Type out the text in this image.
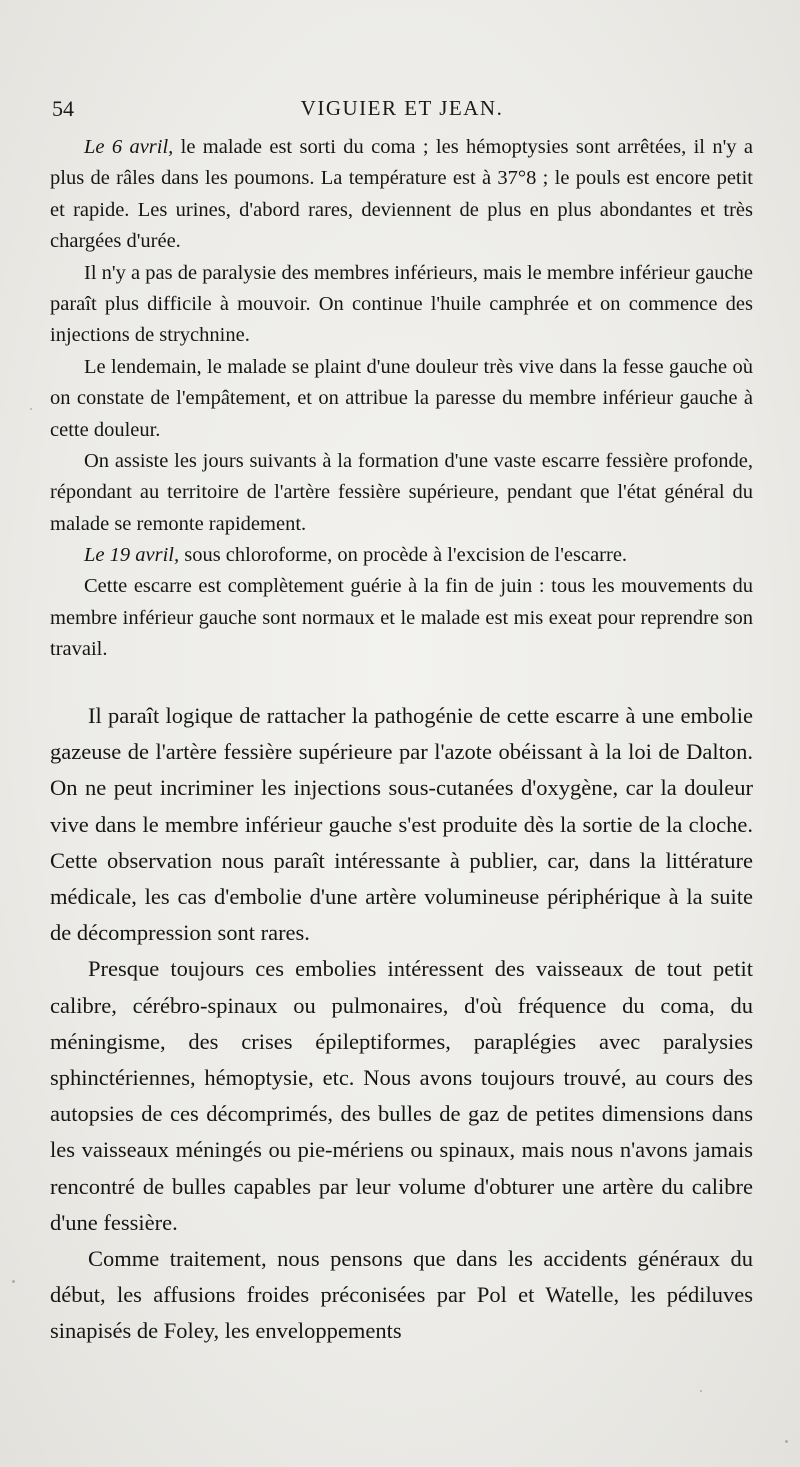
54	VIGUIER ET JEAN.

Le 6 avril, le malade est sorti du coma ; les hémoptysies sont arrêtées, il n'y a plus de râles dans les poumons. La température est à 37°8 ; le pouls est encore petit et rapide. Les urines, d'abord rares, deviennent de plus en plus abondantes et très chargées d'urée.

Il n'y a pas de paralysie des membres inférieurs, mais le membre inférieur gauche paraît plus difficile à mouvoir. On continue l'huile camphrée et on commence des injections de strychnine.

Le lendemain, le malade se plaint d'une douleur très vive dans la fesse gauche où on constate de l'empâtement, et on attribue la paresse du membre inférieur gauche à cette douleur.

On assiste les jours suivants à la formation d'une vaste escarre fessière profonde, répondant au territoire de l'artère fessière supérieure, pendant que l'état général du malade se remonte rapidement.

Le 19 avril, sous chloroforme, on procède à l'excision de l'escarre.

Cette escarre est complètement guérie à la fin de juin : tous les mouvements du membre inférieur gauche sont normaux et le malade est mis exeat pour reprendre son travail.

Il paraît logique de rattacher la pathogénie de cette escarre à une embolie gazeuse de l'artère fessière supérieure par l'azote obéissant à la loi de Dalton. On ne peut incriminer les injections sous-cutanées d'oxygène, car la douleur vive dans le membre inférieur gauche s'est produite dès la sortie de la cloche. Cette observation nous paraît intéressante à publier, car, dans la littérature médicale, les cas d'embolie d'une artère volumineuse périphérique à la suite de décompression sont rares.

Presque toujours ces embolies intéressent des vaisseaux de tout petit calibre, cérébro-spinaux ou pulmonaires, d'où fréquence du coma, du méningisme, des crises épileptiformes, paraplégies avec paralysies sphinctériennes, hémoptysie, etc. Nous avons toujours trouvé, au cours des autopsies de ces décomprimés, des bulles de gaz de petites dimensions dans les vaisseaux méningés ou pie-mériens ou spinaux, mais nous n'avons jamais rencontré de bulles capables par leur volume d'obturer une artère du calibre d'une fessière.

Comme traitement, nous pensons que dans les accidents généraux du début, les affusions froides préconisées par Pol et Watelle, les pédiluves sinapisés de Foley, les enveloppements
